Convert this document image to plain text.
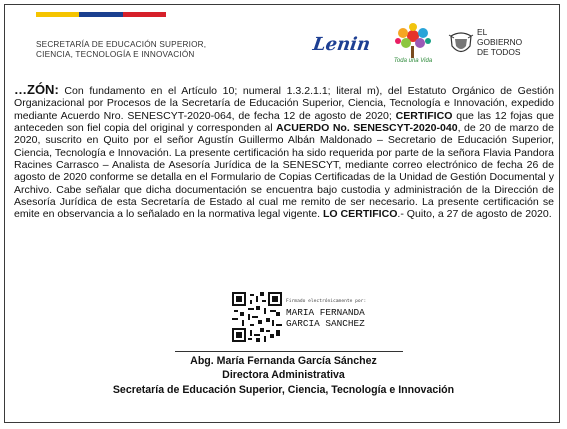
SECRETARÍA DE EDUCACIÓN SUPERIOR,
CIENCIA, TECNOLOGÍA E INNOVACIÓN	Lenin
Toda una Vida
EL
GOBIERNO
DE TODOS
…ZÓN: Con fundamento en el Artículo 10; numeral 1.3.2.1.1; literal m), del Estatuto Orgánico de Gestión Organizacional por Procesos de la Secretaría de Educación Superior, Ciencia, Tecnología e Innovación, expedido mediante Acuerdo Nro. SENESCYT-2020-064, de fecha 12 de agosto de 2020; CERTIFICO que las 12 fojas que anteceden son fiel copia del original y corresponden al ACUERDO No. SENESCYT-2020-040, de 20 de marzo de 2020, suscrito en Quito por el señor Agustín Guillermo Albán Maldonado – Secretario de Educación Superior, Ciencia, Tecnología e Innovación. La presente certificación ha sido requerida por parte de la señora Flavia Pandora Racines Carrasco – Analista de Asesoría Jurídica de la SENESCYT, mediante correo electrónico de fecha 26 de agosto de 2020 conforme se detalla en el Formulario de Copias Certificadas de la Unidad de Gestión Documental y Archivo. Cabe señalar que dicha documentación se encuentra bajo custodia y administración de la Dirección de Asesoría Jurídica de esta Secretaría de Estado al cual me remito de ser necesario. La presente certificación se emite en observancia a lo señalado en la normativa legal vigente. LO CERTIFICO.- Quito, a 27 de agosto de 2020.
Firmado electrónicamente por:
MARIA FERNANDA
GARCIA SANCHEZ
Abg. María Fernanda García Sánchez
Directora Administrativa
Secretaría de Educación Superior, Ciencia, Tecnología e Innovación
